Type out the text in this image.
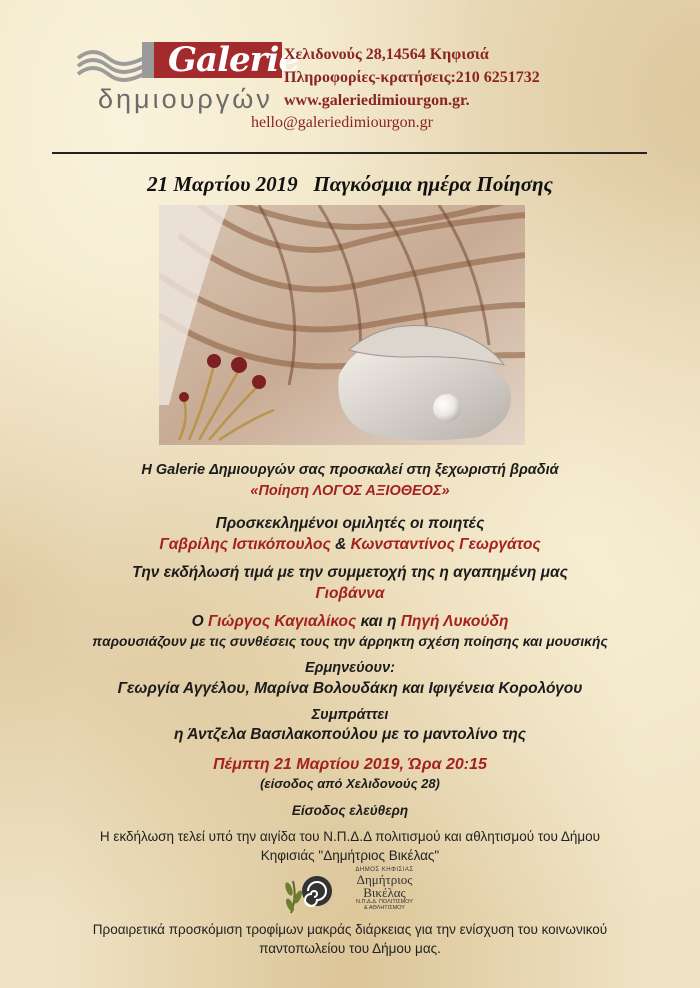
Galerie
δημιουργών
Χελιδονούς 28,14564 Κηφισιά
Πληροφορίες-κρατήσεις:210 6251732
www.galeriedimiourgon.gr.
hello@galeriedimiourgon.gr
21 Μαρτίου 2019 Παγκόσμια ημέρα Ποίησης
Η Galerie Δημιουργών σας προσκαλεί στη ξεχωριστή βραδιά
«Ποίηση ΛΟΓΟΣ ΑΞΙΟΘΕΟΣ»
Προσκεκλημένοι ομιλητές οι ποιητές
Γαβρίλης Ιστικόπουλος & Κωνσταντίνος Γεωργάτος
Την εκδήλωσή τιμά με την συμμετοχή της η αγαπημένη μας
Γιοβάννα
Ο Γιώργος Καγιαλίκος και η Πηγή Λυκούδη
παρουσιάζουν με τις συνθέσεις τους την άρρηκτη σχέση ποίησης και μουσικής
Ερμηνεύουν:
Γεωργία Αγγέλου, Μαρίνα Βολουδάκη και Ιφιγένεια Κορολόγου
Συμπράττει
η Άντζελα Βασιλακοπούλου με το μαντολίνο της
Πέμπτη 21 Μαρτίου 2019, Ώρα 20:15
(είσοδος από Χελιδονούς 28)
Είσοδος ελεύθερη
Η εκδήλωση τελεί υπό την αιγίδα του Ν.Π.Δ.Δ πολιτισμού και αθλητισμού του Δήμου
Κηφισιάς "Δημήτριος Βικέλας"
ΔΗΜΟΣ ΚΗΦΙΣΙΑΣ
Δημήτριος
Βικέλας
Ν.Π.Δ.Δ. ΠΟΛΙΤΙΣΜΟΥ
& ΑΘΛΗΤΙΣΜΟΥ
Προαιρετικά προσκόμιση τροφίμων μακράς διάρκειας για την ενίσχυση του κοινωνικού
παντοπωλείου του Δήμου μας.
